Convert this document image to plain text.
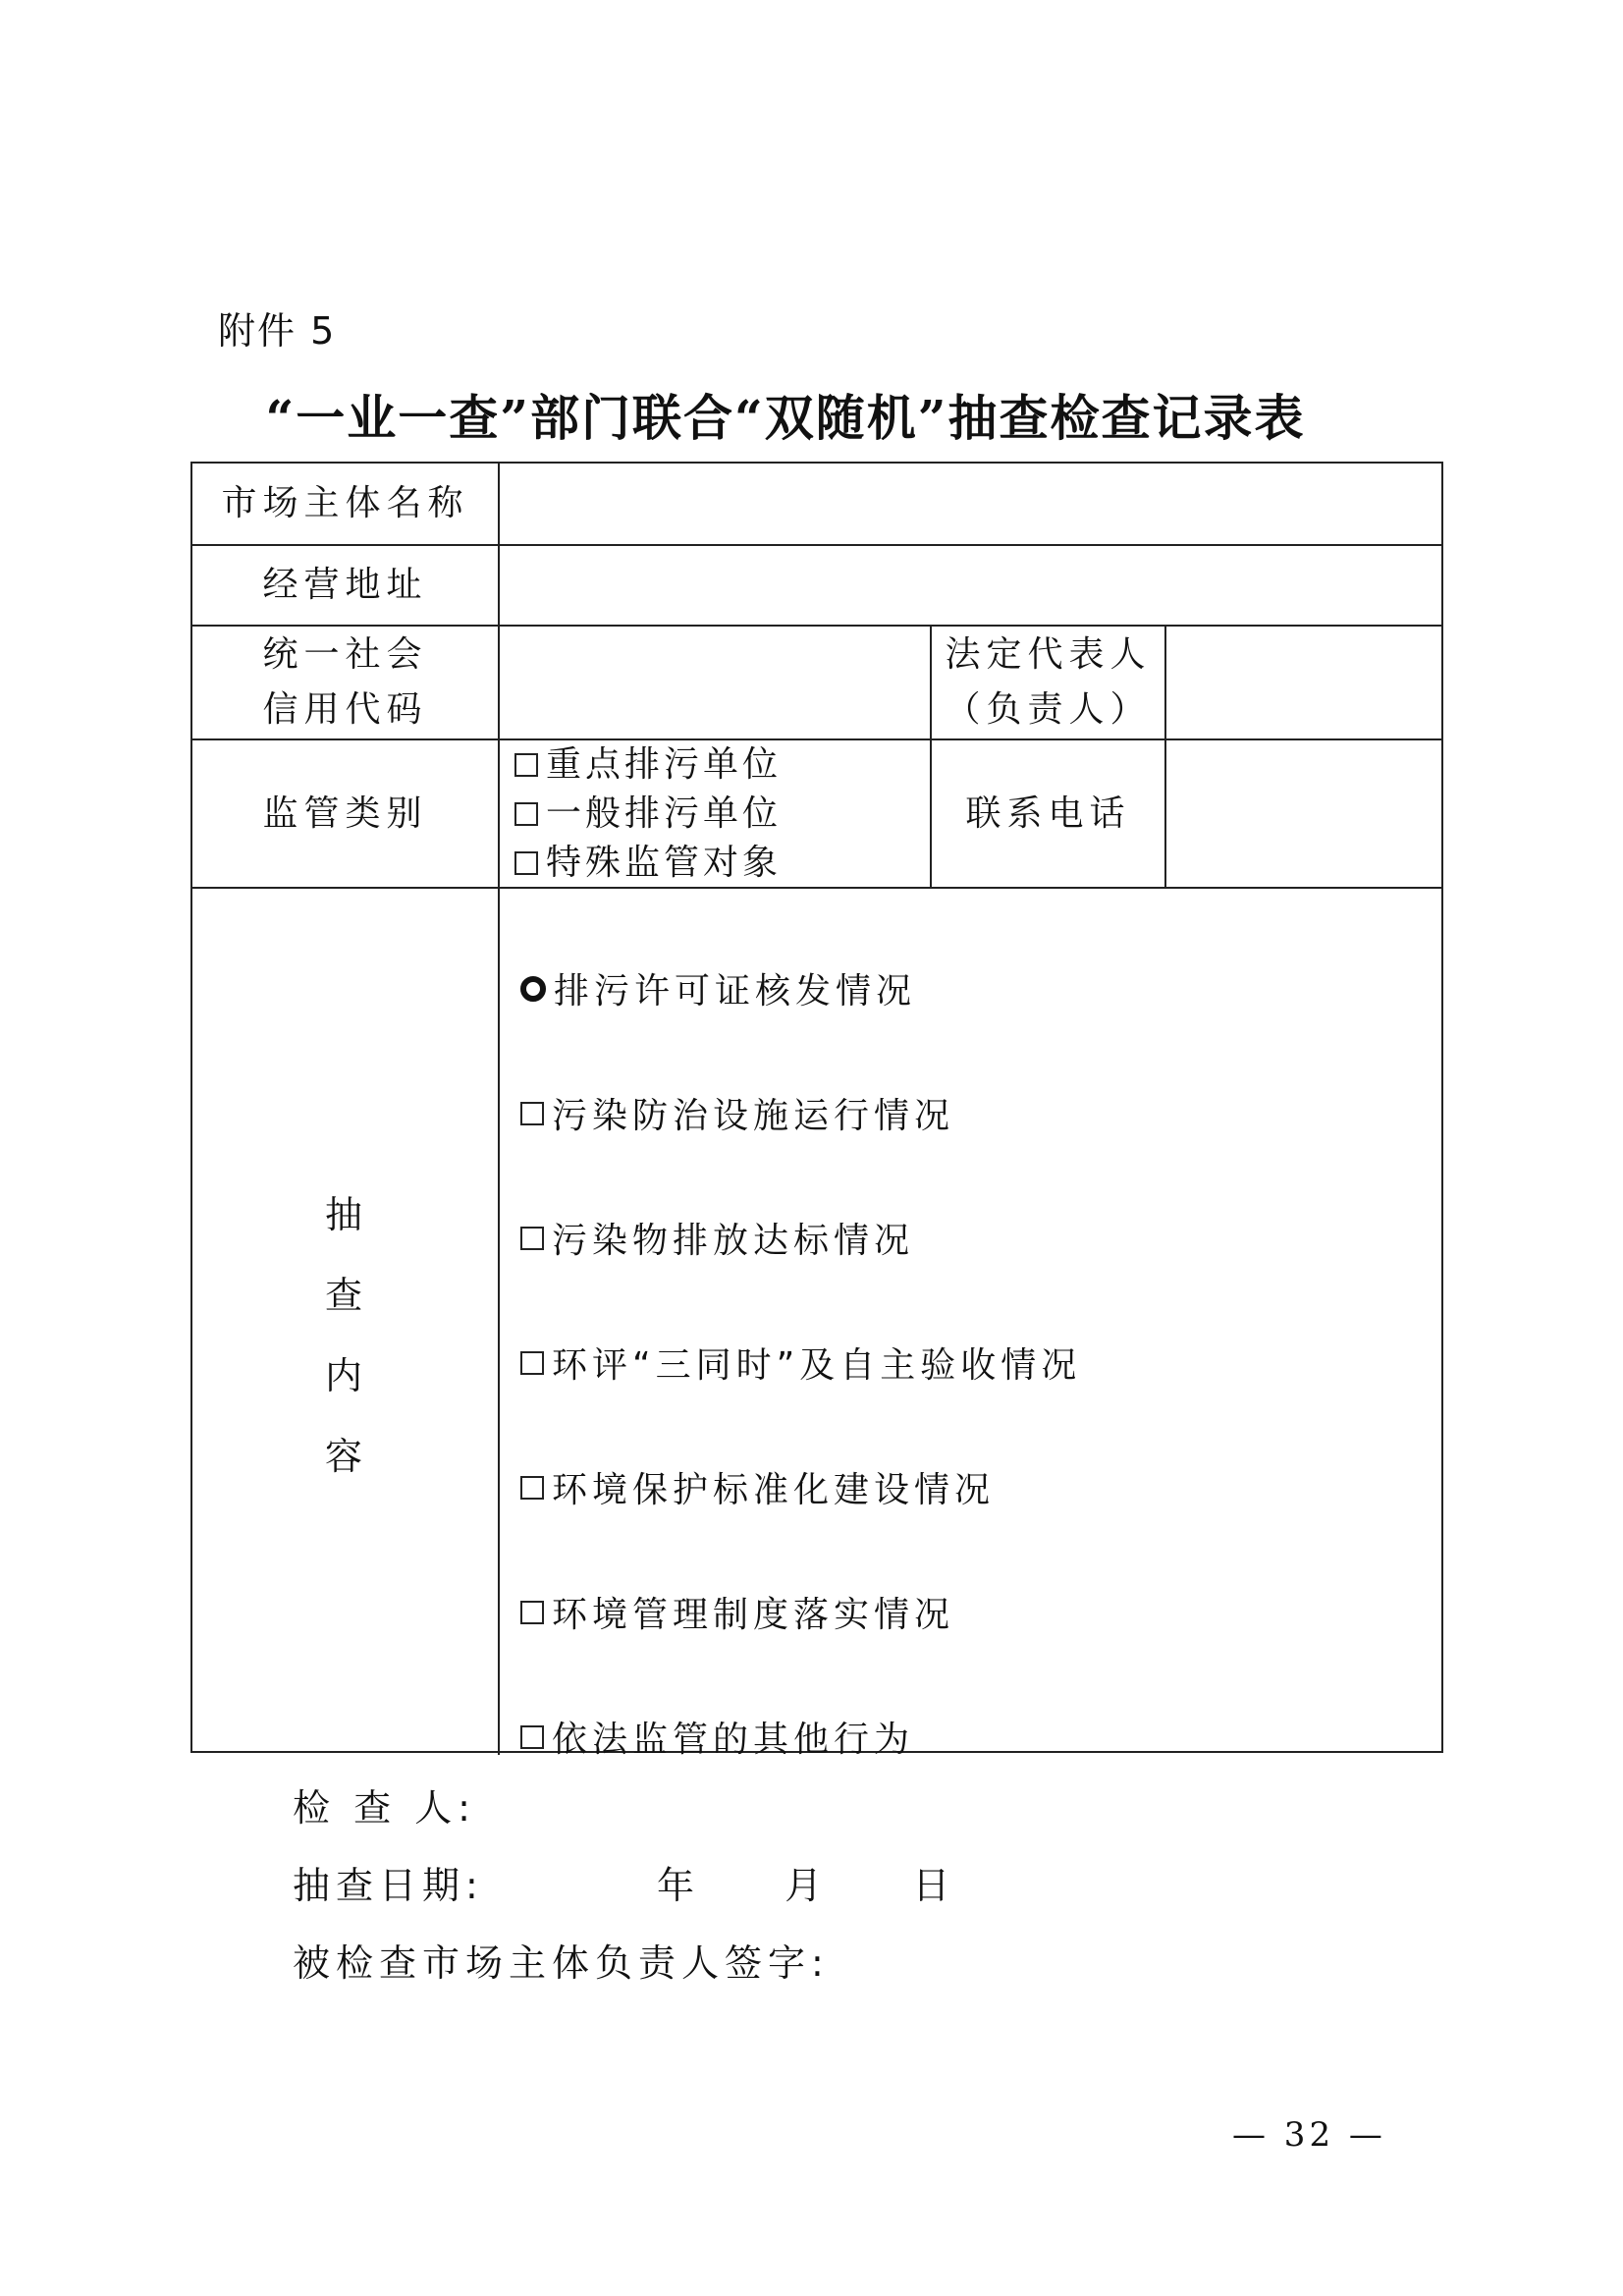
附件 5
“一业一查”部门联合“双随机”抽查检查记录表
市场主体名称
经营地址
统一社会
信用代码
法定代表人
（负责人）
监管类别
重点排污单位
一般排污单位
特殊监管对象
联系电话
抽
查
内
容
排污许可证核发情况
污染防治设施运行情况
污染物排放达标情况
环评“三同时”及自主验收情况
环境保护标准化建设情况
环境管理制度落实情况
依法监管的其他行为
检 查 人:
抽查日期:	年 月 日
被检查市场主体负责人签字:
— 32 —
